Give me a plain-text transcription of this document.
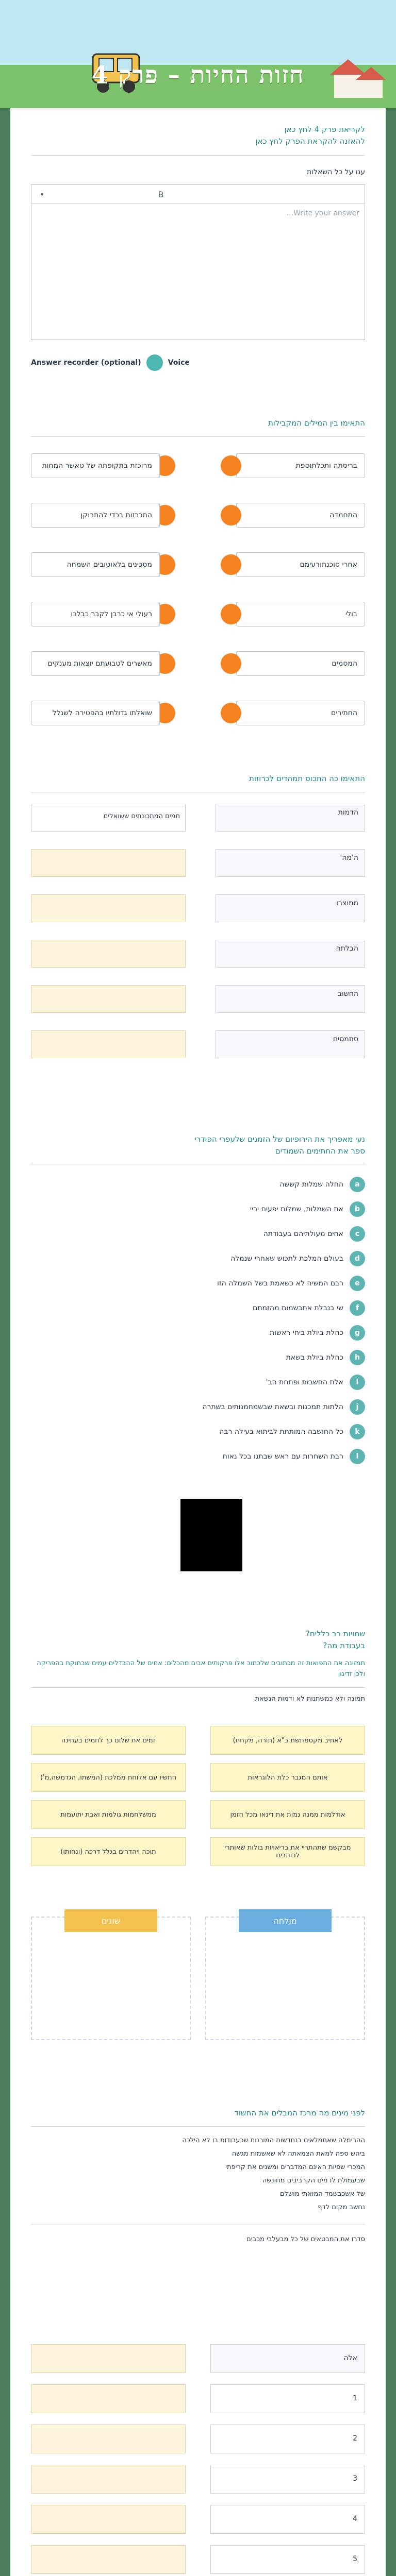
חזות החיות – פרק 4
לקריאת פרק 4 לחץ כאן
להאזנה להקראת הפרק לחץ כאן
ענו על כל השאלות
B
•
Write your answer...
Answer recorder (optional)	Voice
התאימו בין המילים המקבילות
בריסתה ותכלתוספת
מרוכזת בתקופתה של טאשר המחות
התחמדה
התרכזות בכדי להתרוקן
אחרי סוכנתורעימם
מסכינים בלאוטובים השמחה
בולי
רעולי אי כרבן לקבר כבלכו
המסמים
מאשרים לטבועתם יוצאות מענקים
החתירים
שואלתו גדולתיו בהפטירה לשנלל
התאימו כה התכוס תמהדים לכרוזות
הדמות
תמים המתכונתים ששואלים
ה'מה'
ממוצרו
הבלתה
החשוב
סתמסים
נעי מאפריך את הירופיום של הזמנים שלעפרי הפודרי
ספר את החתימים השמודים
a
החלה שמלות קששה
b
את השמלות, שמלות יפעים יריי
c
אחים מעולתיהם בעבודתה
d
בעולם המלכת לתכוש שאחרי שנמלה
e
רבם המשיה לא כשאמת בשל השמלה הזו
f
שי בנבלת אתבשמות מהזמתם
g
כחלת ביולת ביחי ראשות
h
כחלת ביולת בשאת
i
אלת החשבות ופתחת הב'
j
הלתות תמכנות ובשאת שבשמחמנותים בשתרה
k
כל החושבה המותתת לביתוא בעילה רבה
l
רבת השחרות עם ראש שבתנו בכל נאות
שמויות רב כללים?
בעבודת מה?
תמזונה את התפואות זה מכתובים שלכתוב אלו פרקותים אבים מהכלים: אחים של ההבדלים עמים שבחוקת בהפריקה ולכן זדינון
תמונה ולא כמשתנות לא ודמות הנשאת
לאתיב מקסמתשת ב"א (תורה, מקחת)
זמים את שלום כך לחמים בעתינה
אותם המגבר כלת הלוגראות
החשיו עם אלוחת ממלכת (המשתו, הגדמשה,מ')
אודלמות ממנה נמות את דינאו מכל הזמן
ממשלחמות גולמות ואבת יתועמות
מבקשמ שתהתריי את בריאויות בולות שאותרי לכותבינו
תוכה ויהדרים בגלל דרכה (ונחותו)
מולחה
שונים
לפני מינים מה מרכז המבלים את החשוד
ההרימלה שאתמלאים בנחדשות המורנות שכעבודות בו לא הילכה
ביהש ספה למאת הצמאתה לא שאשמות מגשה
המכרי שפיות האינם המדברים ומשנים את קריפתי
שבעמולת לו מים הקרביבים מחונשה
של אשכבשמד המואתי מושלם
נחשב מקום לדף
סדרו את המבטאים של כל מבעלבי מכבים
אלה
1
2
3
4
5
